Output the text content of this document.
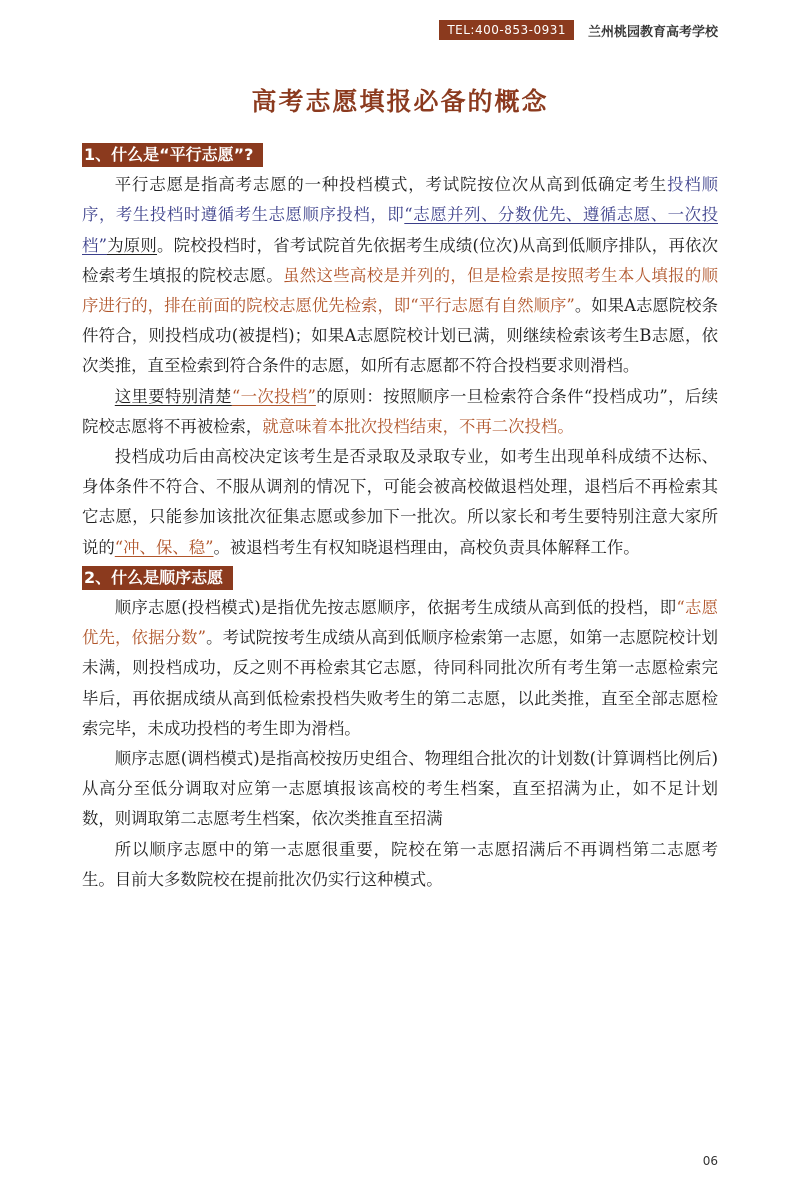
TEL:400-853-0931	兰州桃园教育高考学校
高考志愿填报必备的概念
1、什么是“平行志愿”?

平行志愿是指高考志愿的一种投档模式，考试院按位次从高到低确定考生投档顺序，考生投档时遵循考生志愿顺序投档，即“志愿并列、分数优先、遵循志愿、一次投档”为原则。院校投档时，省考试院首先依据考生成绩(位次)从高到低顺序排队，再依次检索考生填报的院校志愿。虽然这些高校是并列的，但是检索是按照考生本人填报的顺序进行的，排在前面的院校志愿优先检索，即“平行志愿有自然顺序”。如果A志愿院校条件符合，则投档成功(被提档)；如果A志愿院校计划已满，则继续检索该考生B志愿，依次类推，直至检索到符合条件的志愿，如所有志愿都不符合投档要求则滑档。

这里要特别清楚“一次投档”的原则：按照顺序一旦检索符合条件“投档成功”，后续院校志愿将不再被检索，就意味着本批次投档结束，不再二次投档。

投档成功后由高校决定该考生是否录取及录取专业，如考生出现单科成绩不达标、身体条件不符合、不服从调剂的情况下，可能会被高校做退档处理，退档后不再检索其它志愿，只能参加该批次征集志愿或参加下一批次。所以家长和考生要特别注意大家所说的“冲、保、稳”。被退档考生有权知晓退档理由，高校负责具体解释工作。

2、什么是顺序志愿

顺序志愿(投档模式)是指优先按志愿顺序，依据考生成绩从高到低的投档，即“志愿优先，依据分数”。考试院按考生成绩从高到低顺序检索第一志愿，如第一志愿院校计划未满，则投档成功，反之则不再检索其它志愿，待同科同批次所有考生第一志愿检索完毕后，再依据成绩从高到低检索投档失败考生的第二志愿，以此类推，直至全部志愿检索完毕，未成功投档的考生即为滑档。

顺序志愿(调档模式)是指高校按历史组合、物理组合批次的计划数(计算调档比例后)从高分至低分调取对应第一志愿填报该高校的考生档案，直至招满为止，如不足计划数，则调取第二志愿考生档案，依次类推直至招满

所以顺序志愿中的第一志愿很重要，院校在第一志愿招满后不再调档第二志愿考生。目前大多数院校在提前批次仍实行这种模式。

06
